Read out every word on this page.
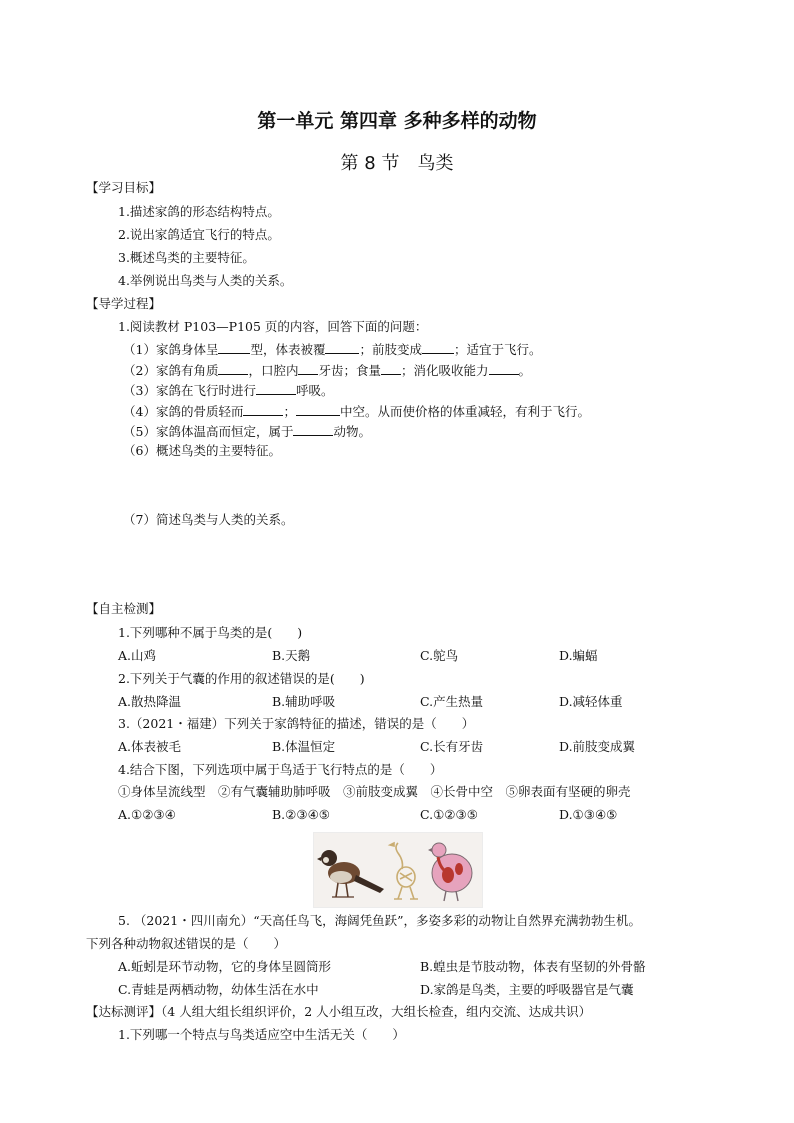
第一单元 第四章 多种多样的动物
第 8 节　鸟类
【学习目标】
1.描述家鸽的形态结构特点。
2.说出家鸽适宜飞行的特点。
3.概述鸟类的主要特征。
4.举例说出鸟类与人类的关系。
【导学过程】
1.阅读教材 P103—P105 页的内容，回答下面的问题：
（1）家鸽身体呈	型，体表被覆	；前肢变成	；适宜于飞行。
（2）家鸽有角质 ，口腔内 牙齿；食量 ；消化吸收能力 。
（3）家鸽在飞行时进行	呼吸。
（4）家鸽的骨质轻而	；	中空。从而使价格的体重减轻，有利于飞行。
（5）家鸽体温高而恒定，属于	动物。
（6）概述鸟类的主要特征。
（7）简述鸟类与人类的关系。
【自主检测】
1.下列哪种不属于鸟类的是(　　)
A.山鸡	B.天鹅	C.鸵鸟	D.蝙蝠
2.下列关于气囊的作用的叙述错误的是(　　)
A.散热降温	B.辅助呼吸	C.产生热量	D.减轻体重
3.（2021・福建）下列关于家鸽特征的描述，错误的是（　　）
A.体表被毛	B.体温恒定	C.长有牙齿	D.前肢变成翼
4.结合下图，下列选项中属于鸟适于飞行特点的是（　　）
①身体呈流线型　②有气囊辅助肺呼吸　③前肢变成翼　④长骨中空　⑤卵表面有坚硬的卵壳
A.①②③④	B.②③④⑤	C.①②③⑤	D.①③④⑤
5. （2021・四川南允）“天高任鸟飞，海阔凭鱼跃”，多姿多彩的动物让自然界充满勃勃生机。
下列各种动物叙述错误的是（　　）
A.蚯蚓是环节动物，它的身体呈圆筒形	B.蝗虫是节肢动物，体表有坚韧的外骨骼
C.青蛙是两栖动物，幼体生活在水中	D.家鸽是鸟类，主要的呼吸器官是气囊
【达标测评】（4 人组大组长组织评价，2 人小组互改，大组长检查，组内交流、达成共识）
1.下列哪一个特点与鸟类适应空中生活无关（　　）
